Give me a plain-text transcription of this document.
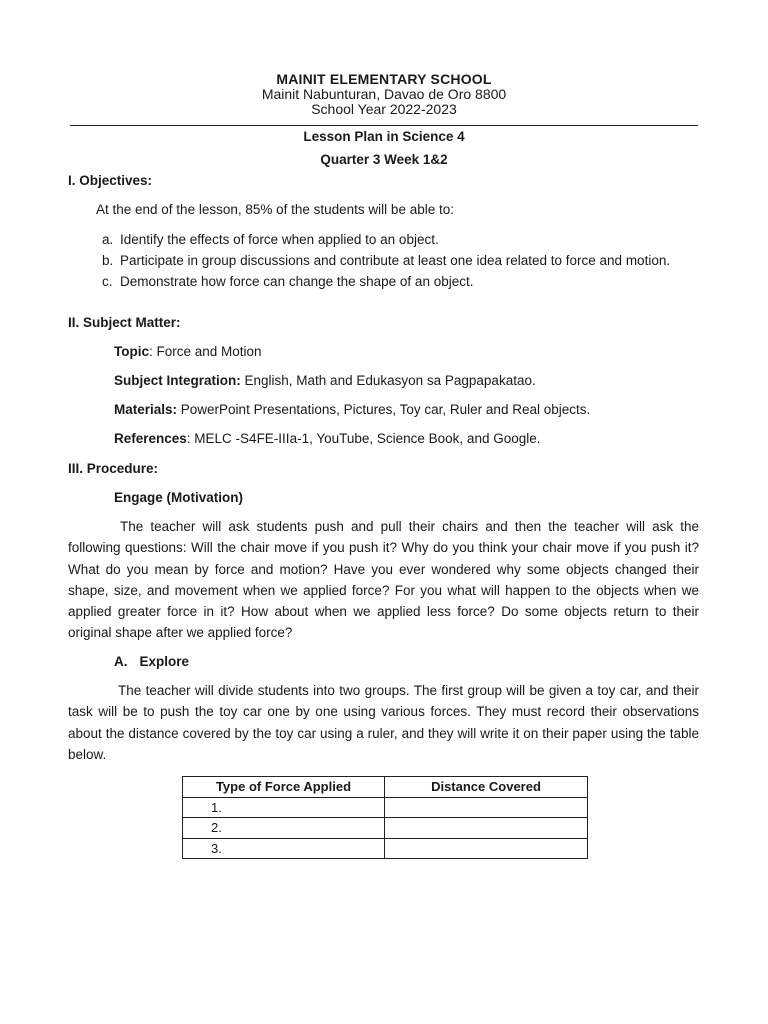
MAINIT ELEMENTARY SCHOOL
Mainit Nabunturan, Davao de Oro 8800
School Year 2022-2023
Lesson Plan in Science 4
Quarter 3 Week 1&2
I. Objectives:
At the end of the lesson, 85% of the students will be able to:
a. Identify the effects of force when applied to an object.
b. Participate in group discussions and contribute at least one idea related to force and motion.
c. Demonstrate how force can change the shape of an object.
II. Subject Matter:
Topic: Force and Motion
Subject Integration: English, Math and Edukasyon sa Pagpapakatao.
Materials: PowerPoint Presentations, Pictures, Toy car, Ruler and Real objects.
References: MELC -S4FE-IIIa-1, YouTube, Science Book, and Google.
III. Procedure:
Engage (Motivation)

The teacher will ask students push and pull their chairs and then the teacher will ask the following questions: Will the chair move if you push it? Why do you think your chair move if you push it? What do you mean by force and motion? Have you ever wondered why some objects changed their shape, size, and movement when we applied force? For you what will happen to the objects when we applied greater force in it? How about when we applied less force? Do some objects return to their original shape after we applied force?

A. Explore

The teacher will divide students into two groups. The first group will be given a toy car, and their task will be to push the toy car one by one using various forces. They must record their observations about the distance covered by the toy car using a ruler, and they will write it on their paper using the table below.

Type of Force Applied	Distance Covered
1.	
2.	
3.	
